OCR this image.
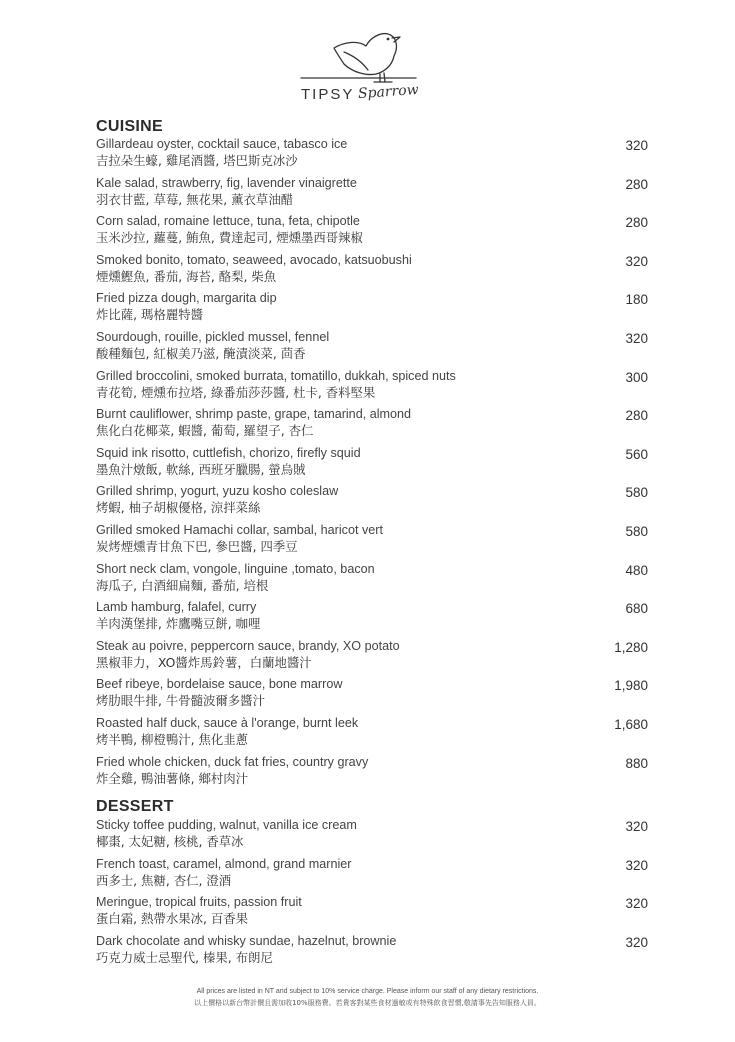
TIPSY Sparrow
CUISINE
Gillardeau oyster, cocktail sauce, tabasco ice
吉拉朵生蠔, 雞尾酒醬, 塔巴斯克冰沙
320
Kale salad, strawberry, fig, lavender vinaigrette
羽衣甘藍, 草莓, 無花果, 薰衣草油醋
280
Corn salad, romaine lettuce, tuna, feta, chipotle
玉米沙拉, 蘿蔓, 鮪魚, 費達起司, 煙燻墨西哥辣椒
280
Smoked bonito, tomato, seaweed, avocado, katsuobushi
煙燻鰹魚, 番茄, 海苔, 酪梨, 柴魚
320
Fried pizza dough, margarita dip
炸比薩, 瑪格麗特醬
180
Sourdough, rouille, pickled mussel, fennel
酸種麵包, 紅椒美乃滋, 醃漬淡菜, 茴香
320
Grilled broccolini, smoked burrata, tomatillo, dukkah, spiced nuts
青花筍, 煙燻布拉塔, 綠番茄莎莎醬, 杜卡, 香料堅果
300
Burnt cauliflower, shrimp paste, grape, tamarind, almond
焦化白花椰菜, 蝦醬, 葡萄, 羅望子, 杏仁
280
Squid ink risotto, cuttlefish, chorizo, firefly squid
墨魚汁燉飯, 軟絲, 西班牙臘腸, 螢烏賊
560
Grilled shrimp, yogurt, yuzu kosho coleslaw
烤蝦, 柚子胡椒優格, 涼拌菜絲
580
Grilled smoked Hamachi collar, sambal, haricot vert
炭烤煙燻青甘魚下巴, 參巴醬, 四季豆
580
Short neck clam, vongole, linguine ,tomato, bacon
海瓜子, 白酒細扁麵, 番茄, 培根
480
Lamb hamburg, falafel, curry
羊肉漢堡排, 炸鷹嘴豆餅, 咖哩
680
Steak au poivre, peppercorn sauce, brandy, XO potato
黑椒菲力，XO醬炸馬鈴薯，白蘭地醬汁
1,280
Beef ribeye, bordelaise sauce, bone marrow
烤肋眼牛排, 牛骨髓波爾多醬汁
1,980
Roasted half duck, sauce à l'orange, burnt leek
烤半鴨, 柳橙鴨汁, 焦化韭蔥
1,680
Fried whole chicken, duck fat fries, country gravy
炸全雞, 鴨油薯條, 鄉村肉汁
880
DESSERT
Sticky toffee pudding, walnut, vanilla ice cream
椰棗, 太妃糖, 核桃, 香草冰
320
French toast, caramel, almond, grand marnier
西多士, 焦糖, 杏仁, 澄酒
320
Meringue, tropical fruits, passion fruit
蛋白霜, 熱帶水果冰, 百香果
320
Dark chocolate and whisky sundae, hazelnut, brownie
巧克力威士忌聖代, 榛果, 布朗尼
320
All prices are listed in NT and subject to 10% service charge. Please inform our staff of any dietary restrictions.
以上價格以新台幣計價且需加收10%服務費。若貴客對某些食材過敏或有特殊飲食習慣,敬請事先告知服務人員。
